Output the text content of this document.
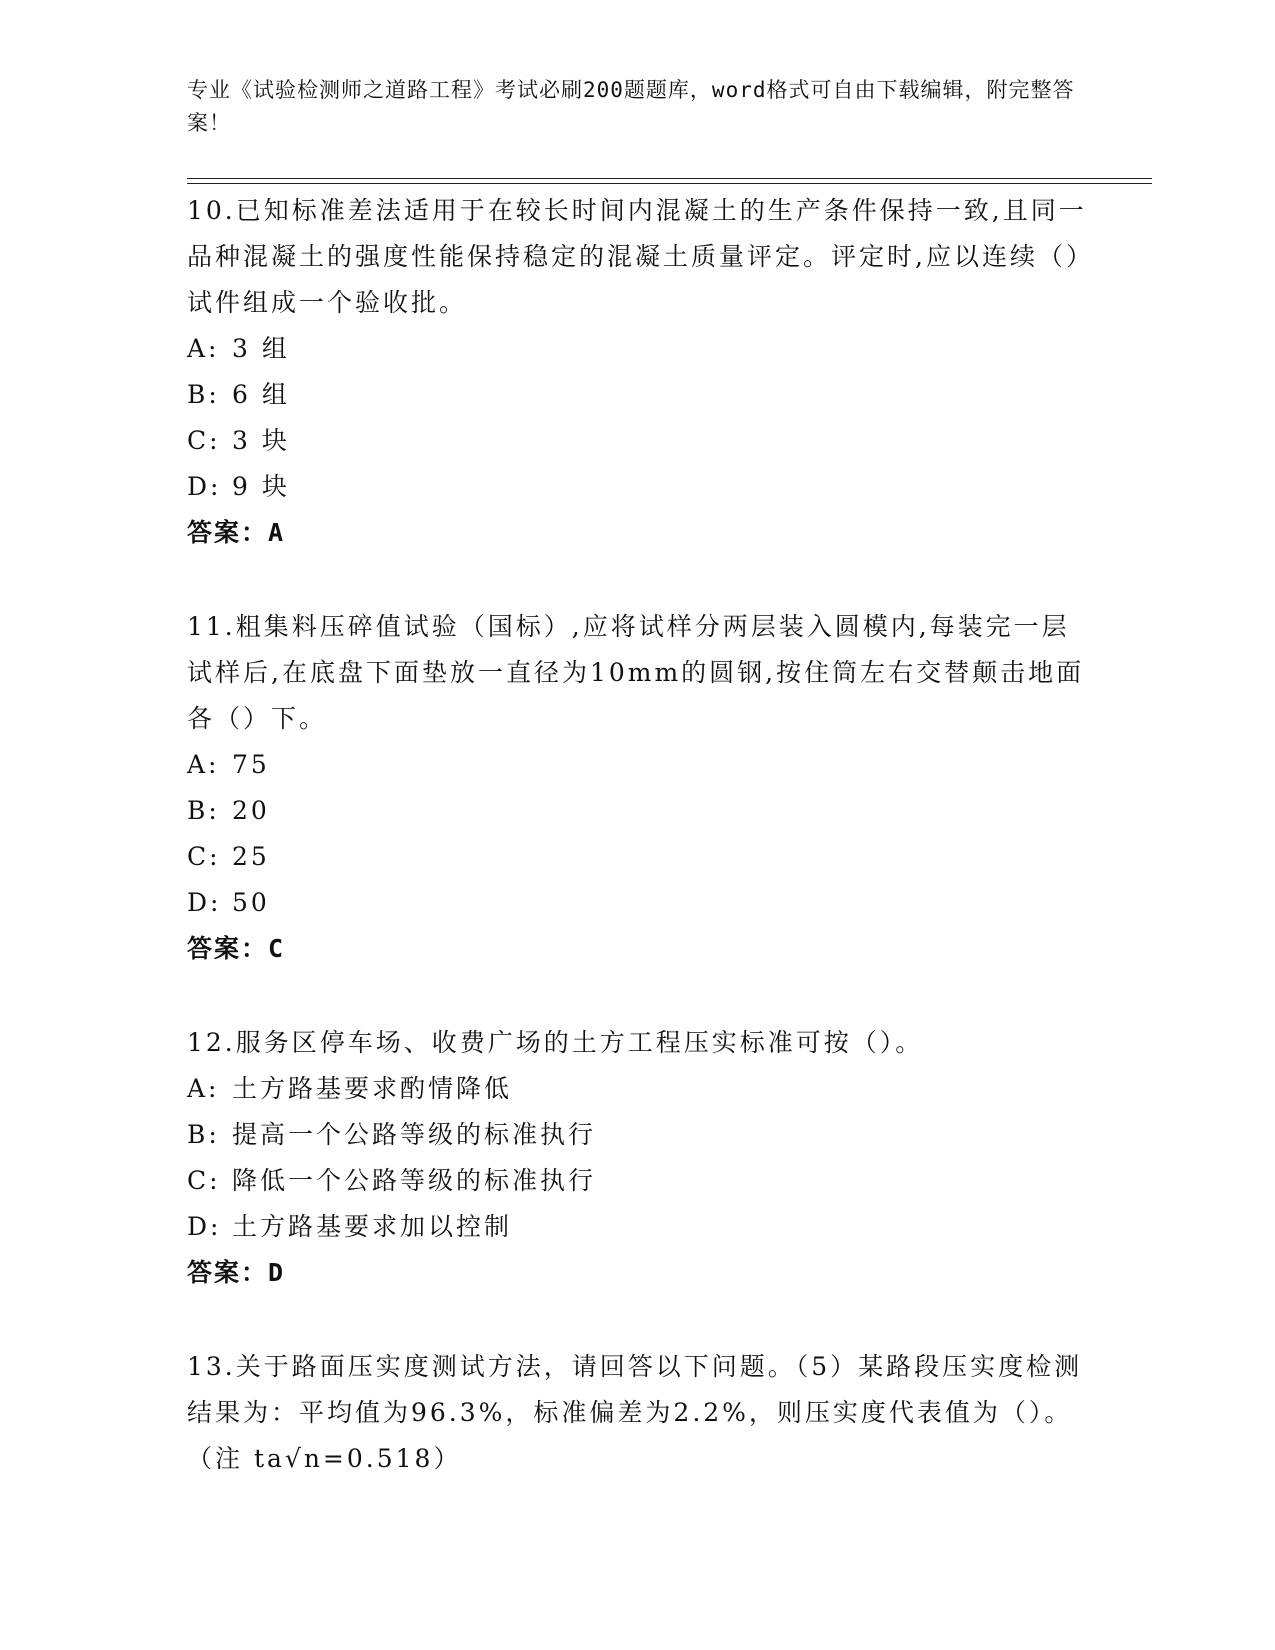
专业《试验检测师之道路工程》考试必刷200题题库，word格式可自由下载编辑，附完整答案！

10.已知标准差法适用于在较长时间内混凝土的生产条件保持一致,且同一品种混凝土的强度性能保持稳定的混凝土质量评定。评定时,应以连续（）试件组成一个验收批。

A: 3 组
B: 6 组
C: 3 块
D: 9 块

答案：A

11.粗集料压碎值试验（国标）,应将试样分两层装入圆模内,每装完一层试样后,在底盘下面垫放一直径为10mm的圆钢,按住筒左右交替颠击地面各（）下。

A: 75
B: 20
C: 25
D: 50

答案：C

12.服务区停车场、收费广场的土方工程压实标准可按（）。

A: 土方路基要求酌情降低
B: 提高一个公路等级的标准执行
C: 降低一个公路等级的标准执行
D: 土方路基要求加以控制

答案：D

13.关于路面压实度测试方法，请回答以下问题。（5）某路段压实度检测结果为：平均值为96.3%，标准偏差为2.2%，则压实度代表值为（）。（注 ta√n=0.518）
